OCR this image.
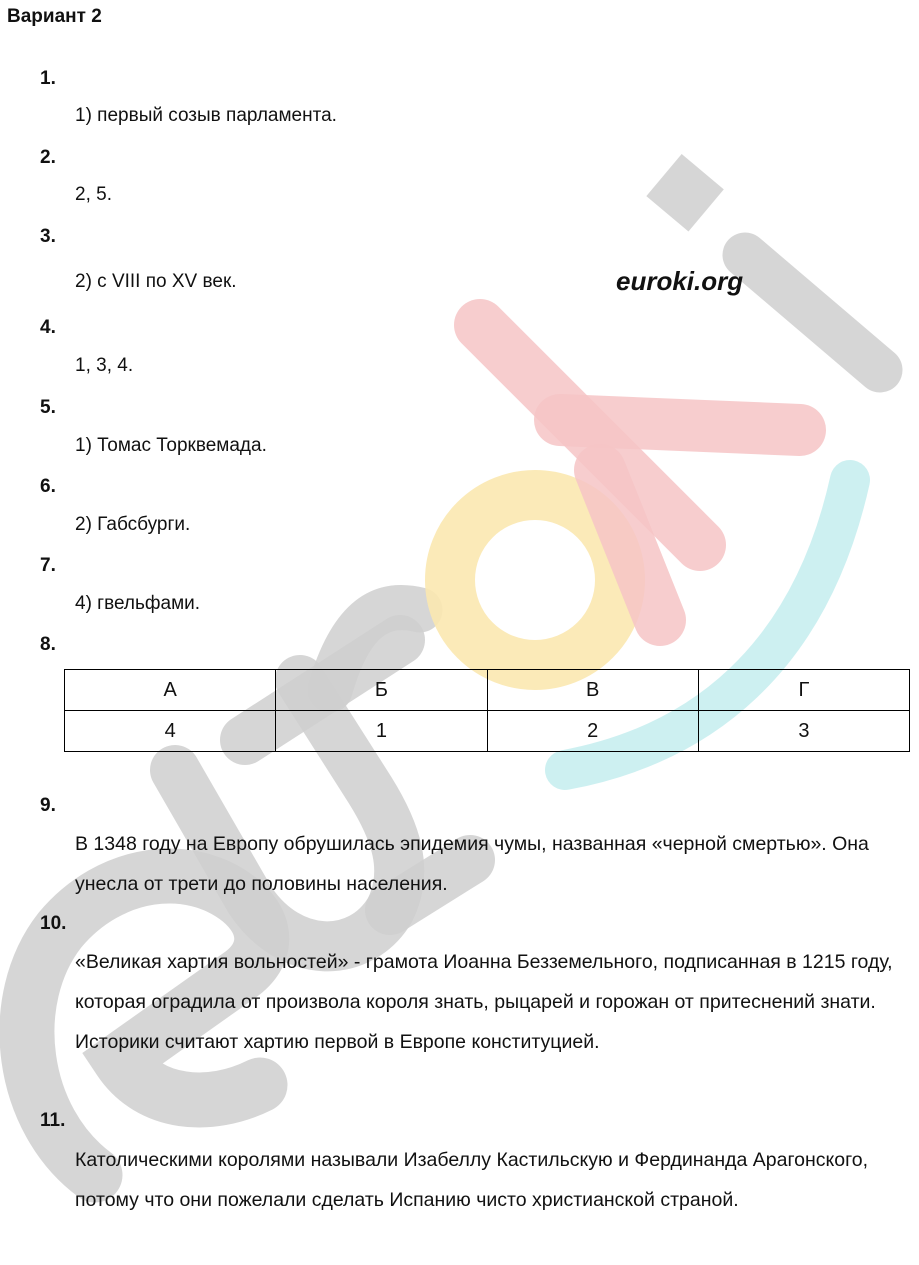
Вариант 2
1.
1) первый созыв парламента.
2.
2, 5.
3.
2) с VIII по XV век.	euroki.org
4.
1, 3, 4.
5.
1) Томас Торквемада.
6.
2) Габсбурги.
7.
4) гвельфами.
8.
А	Б	В	Г
4	1	2	3
9.
В 1348 году на Европу обрушилась эпидемия чумы, названная «черной смертью». Она унесла от трети до половины населения.
10.
«Великая хартия вольностей» - грамота Иоанна Безземельного, подписанная в 1215 году, которая оградила от произвола короля знать, рыцарей и горожан от притеснений знати. Историки считают хартию первой в Европе конституцией.
11.
Католическими королями называли Изабеллу Кастильскую и Фердинанда Арагонского, потому что они пожелали сделать Испанию чисто христианской страной.
